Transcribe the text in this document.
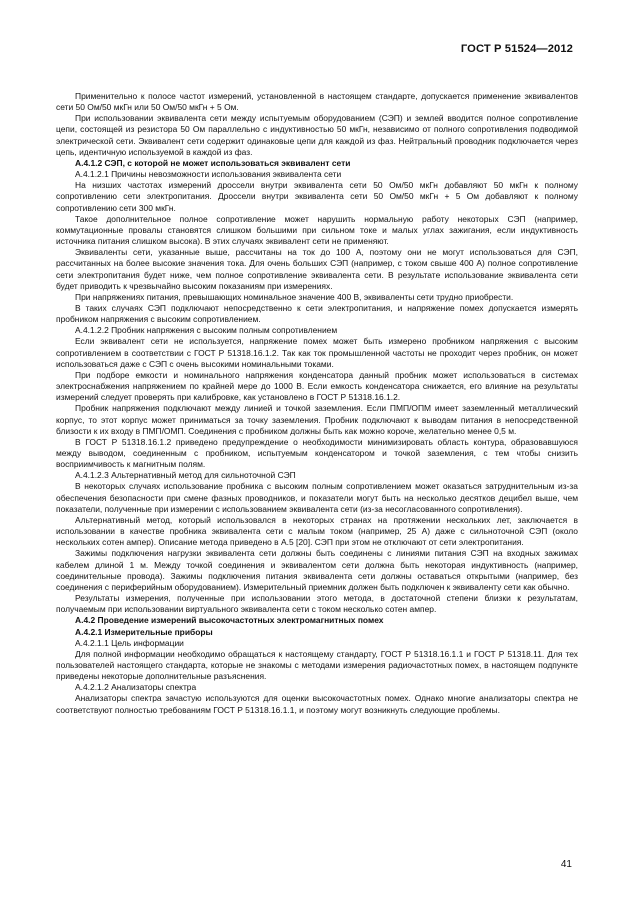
ГОСТ Р 51524—2012

Применительно к полосе частот измерений, установленной в настоящем стандарте, допускается применение эквивалентов сети 50 Ом/50 мкГн или 50 Ом/50 мкГн + 5 Ом.

При использовании эквивалента сети между испытуемым оборудованием (СЭП) и землей вводится полное сопротивление цепи, состоящей из резистора 50 Ом параллельно с индуктивностью 50 мкГн, независимо от полного сопротивления подводимой электрической сети. Эквивалент сети содержит одинаковые цепи для каждой из фаз. Нейтральный проводник подключается через цепь, идентичную используемой в каждой из фаз.

А.4.1.2 СЭП, с которой не может использоваться эквивалент сети

А.4.1.2.1 Причины невозможности использования эквивалента сети

На низших частотах измерений дроссели внутри эквивалента сети 50 Ом/50 мкГн добавляют 50 мкГн к полному сопротивлению сети электропитания. Дроссели внутри эквивалента сети 50 Ом/50 мкГн + 5 Ом добавляют к полному сопротивлению сети 300 мкГн.

Такое дополнительное полное сопротивление может нарушить нормальную работу некоторых СЭП (например, коммутационные провалы становятся слишком большими при сильном токе и малых углах зажигания, если индуктивность источника питания слишком высока). В этих случаях эквивалент сети не применяют.

Эквиваленты сети, указанные выше, рассчитаны на ток до 100 А, поэтому они не могут использоваться для СЭП, рассчитанных на более высокие значения тока. Для очень больших СЭП (например, с током свыше 400 А) полное сопротивление сети электропитания будет ниже, чем полное сопротивление эквивалента сети. В результате использование эквивалента сети будет приводить к чрезвычайно высоким показаниям при измерениях.

При напряжениях питания, превышающих номинальное значение 400 В, эквиваленты сети трудно приобрести.

В таких случаях СЭП подключают непосредственно к сети электропитания, и напряжение помех допускается измерять пробником напряжения с высоким сопротивлением.

А.4.1.2.2 Пробник напряжения с высоким полным сопротивлением

Если эквивалент сети не используется, напряжение помех может быть измерено пробником напряжения с высоким сопротивлением в соответствии с ГОСТ Р 51318.16.1.2. Так как ток промышленной частоты не проходит через пробник, он может использоваться даже с СЭП с очень высокими номинальными токами.

При подборе емкости и номинального напряжения конденсатора данный пробник может использоваться в системах электроснабжения напряжением по крайней мере до 1000 В. Если емкость конденсатора снижается, его влияние на результаты измерений следует проверять при калибровке, как установлено в ГОСТ Р 51318.16.1.2.

Пробник напряжения подключают между линией и точкой заземления. Если ПМП/ОПМ имеет заземленный металлический корпус, то этот корпус может приниматься за точку заземления. Пробник подключают к выводам питания в непосредственной близости к их входу в ПМП/ОМП. Соединения с пробником должны быть как можно короче, желательно менее 0,5 м.

В ГОСТ Р 51318.16.1.2 приведено предупреждение о необходимости минимизировать область контура, образовавшуюся между выводом, соединенным с пробником, испытуемым конденсатором и точкой заземления, с тем чтобы снизить восприимчивость к магнитным полям.

А.4.1.2.3 Альтернативный метод для сильноточной СЭП

В некоторых случаях использование пробника с высоким полным сопротивлением может оказаться затруднительным из-за обеспечения безопасности при смене фазных проводников, и показатели могут быть на несколько десятков децибел выше, чем показатели, полученные при измерении с использованием эквивалента сети (из-за несогласованного сопротивления).

Альтернативный метод, который использовался в некоторых странах на протяжении нескольких лет, заключается в использовании в качестве пробника эквивалента сети с малым током (например, 25 А) даже с сильноточной СЭП (около нескольких сотен ампер). Описание метода приведено в А.5 [20]. СЭП при этом не отключают от сети электропитания.

Зажимы подключения нагрузки эквивалента сети должны быть соединены с линиями питания СЭП на входных зажимах кабелем длиной 1 м. Между точкой соединения и эквивалентом сети должна быть некоторая индуктивность (например, соединительные провода). Зажимы подключения питания эквивалента сети должны оставаться открытыми (например, без соединения с периферийным оборудованием). Измерительный приемник должен быть подключен к эквиваленту сети как обычно.

Результаты измерения, полученные при использовании этого метода, в достаточной степени близки к результатам, получаемым при использовании виртуального эквивалента сети с током несколько сотен ампер.

А.4.2 Проведение измерений высокочастотных электромагнитных помех

А.4.2.1 Измерительные приборы

А.4.2.1.1 Цель информации

Для полной информации необходимо обращаться к настоящему стандарту, ГОСТ Р 51318.16.1.1 и ГОСТ Р 51318.11. Для тех пользователей настоящего стандарта, которые не знакомы с методами измерения радиочастотных помех, в настоящем подпункте приведены некоторые дополнительные разъяснения.

А.4.2.1.2 Анализаторы спектра

Анализаторы спектра зачастую используются для оценки высокочастотных помех. Однако многие анализаторы спектра не соответствуют полностью требованиям ГОСТ Р 51318.16.1.1, и поэтому могут возникнуть следующие проблемы.

41
